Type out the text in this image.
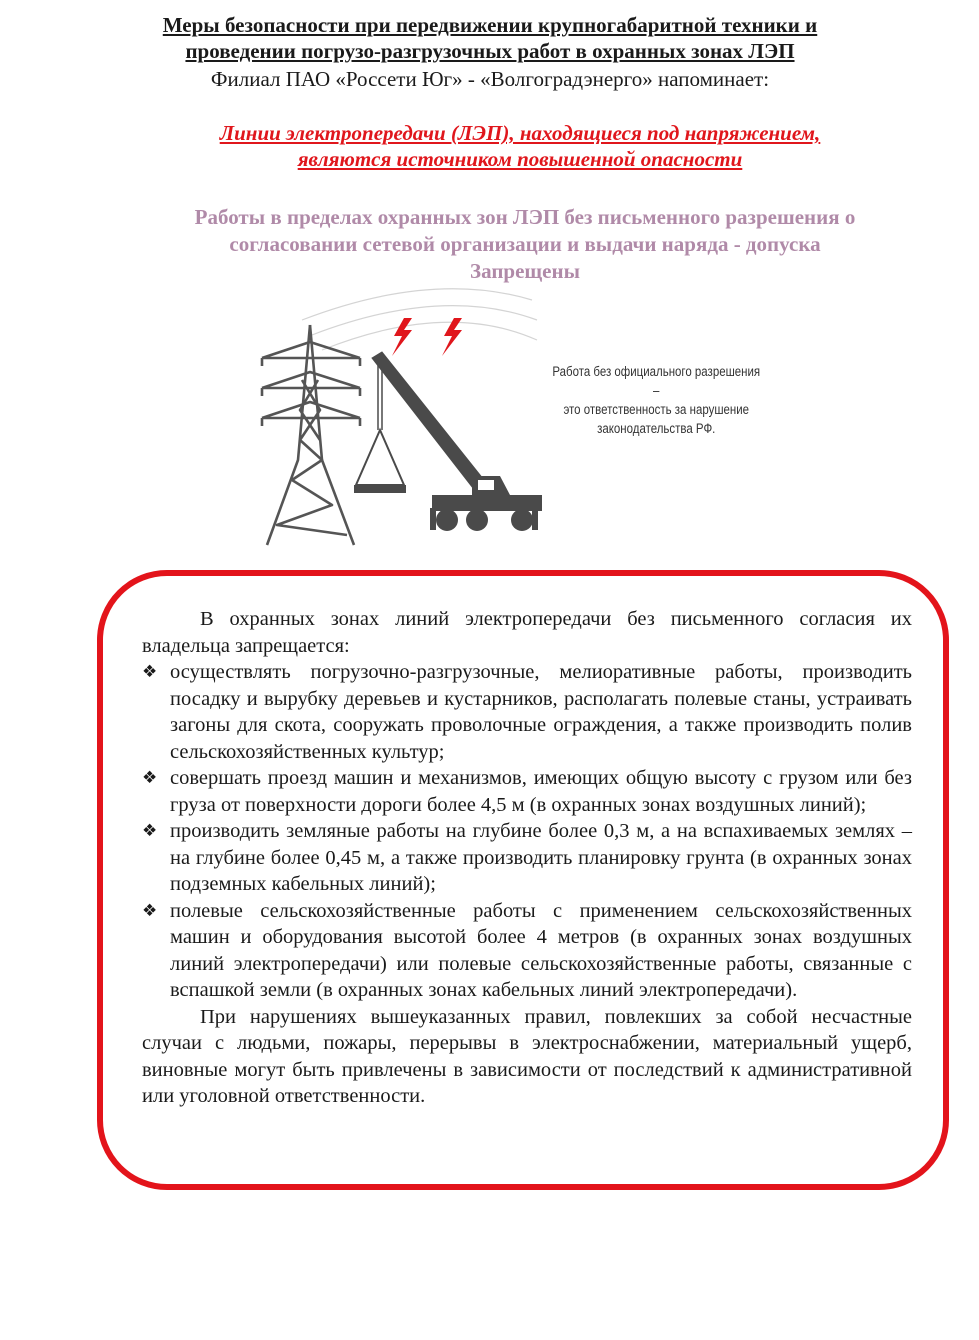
Меры безопасности при передвижении крупногабаритной техники и
проведении погрузо-разгрузочных работ в охранных зонах ЛЭП
Филиал ПАО «Россети Юг» - «Волгоградэнерго» напоминает:
Линии электропередачи (ЛЭП), находящиеся под напряжением,
являются источником повышенной опасности
Работы в пределах охранных зон ЛЭП без письменного разрешения о
согласовании сетевой организации и выдачи наряда - допуска
Запрещены
Работа без официального разрешения –
это ответственность за нарушение
законодательства РФ.

В охранных зонах линий электропередачи без письменного согласия их владельца запрещается:

❖ осуществлять погрузочно-разгрузочные, мелиоративные работы, производить посадку и вырубку деревьев и кустарников, располагать полевые станы, устраивать загоны для скота, сооружать проволочные ограждения, а также производить полив сельскохозяйственных культур;
❖ совершать проезд машин и механизмов, имеющих общую высоту с грузом или без груза от поверхности дороги более 4,5 м (в охранных зонах воздушных линий);
❖ производить земляные работы на глубине более 0,3 м, а на вспахиваемых землях – на глубине более 0,45 м, а также производить планировку грунта (в охранных зонах подземных кабельных линий);
❖ полевые сельскохозяйственные работы с применением сельскохозяйственных машин и оборудования высотой более 4 метров (в охранных зонах воздушных линий электропередачи) или полевые сельскохозяйственные работы, связанные с вспашкой земли (в охранных зонах кабельных линий электропередачи).

При нарушениях вышеуказанных правил, повлекших за собой несчастные случаи с людьми, пожары, перерывы в электроснабжении, материальный ущерб, виновные могут быть привлечены в зависимости от последствий к административной или уголовной ответственности.
